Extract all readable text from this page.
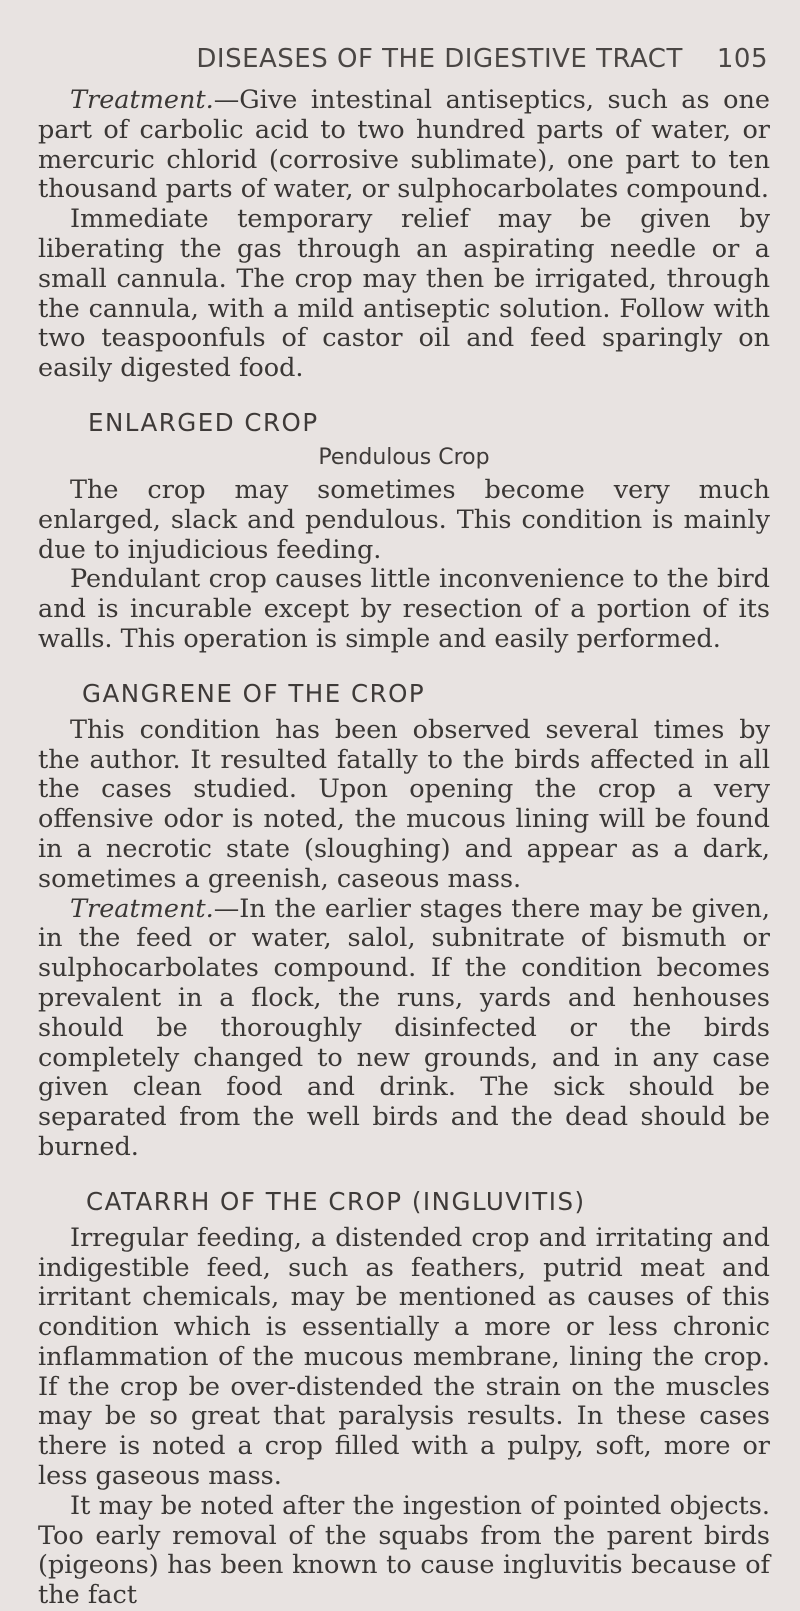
DISEASES OF THE DIGESTIVE TRACT 105

Treatment.—Give intestinal antiseptics, such as one part of carbolic acid to two hundred parts of water, or mercuric chlorid (corrosive sublimate), one part to ten thousand parts of water, or sulphocarbolates compound.

Immediate temporary relief may be given by liberating the gas through an aspirating needle or a small cannula. The crop may then be irrigated, through the cannula, with a mild antiseptic solution. Follow with two teaspoonfuls of castor oil and feed sparingly on easily digested food.

ENLARGED CROP
Pendulous Crop

The crop may sometimes become very much enlarged, slack and pendulous. This condition is mainly due to injudicious feeding.

Pendulant crop causes little inconvenience to the bird and is incurable except by resection of a portion of its walls. This operation is simple and easily performed.

GANGRENE OF THE CROP

This condition has been observed several times by the author. It resulted fatally to the birds affected in all the cases studied. Upon opening the crop a very offensive odor is noted, the mucous lining will be found in a necrotic state (sloughing) and appear as a dark, sometimes a greenish, caseous mass.

Treatment.—In the earlier stages there may be given, in the feed or water, salol, subnitrate of bismuth or sulphocarbolates compound. If the condition becomes prevalent in a flock, the runs, yards and henhouses should be thoroughly disinfected or the birds completely changed to new grounds, and in any case given clean food and drink. The sick should be separated from the well birds and the dead should be burned.

CATARRH OF THE CROP (INGLUVITIS)

Irregular feeding, a distended crop and irritating and indigestible feed, such as feathers, putrid meat and irritant chemicals, may be mentioned as causes of this condition which is essentially a more or less chronic inflammation of the mucous membrane, lining the crop. If the crop be over-distended the strain on the muscles may be so great that paralysis results. In these cases there is noted a crop filled with a pulpy, soft, more or less gaseous mass.

It may be noted after the ingestion of pointed objects. Too early removal of the squabs from the parent birds (pigeons) has been known to cause ingluvitis because of the fact
